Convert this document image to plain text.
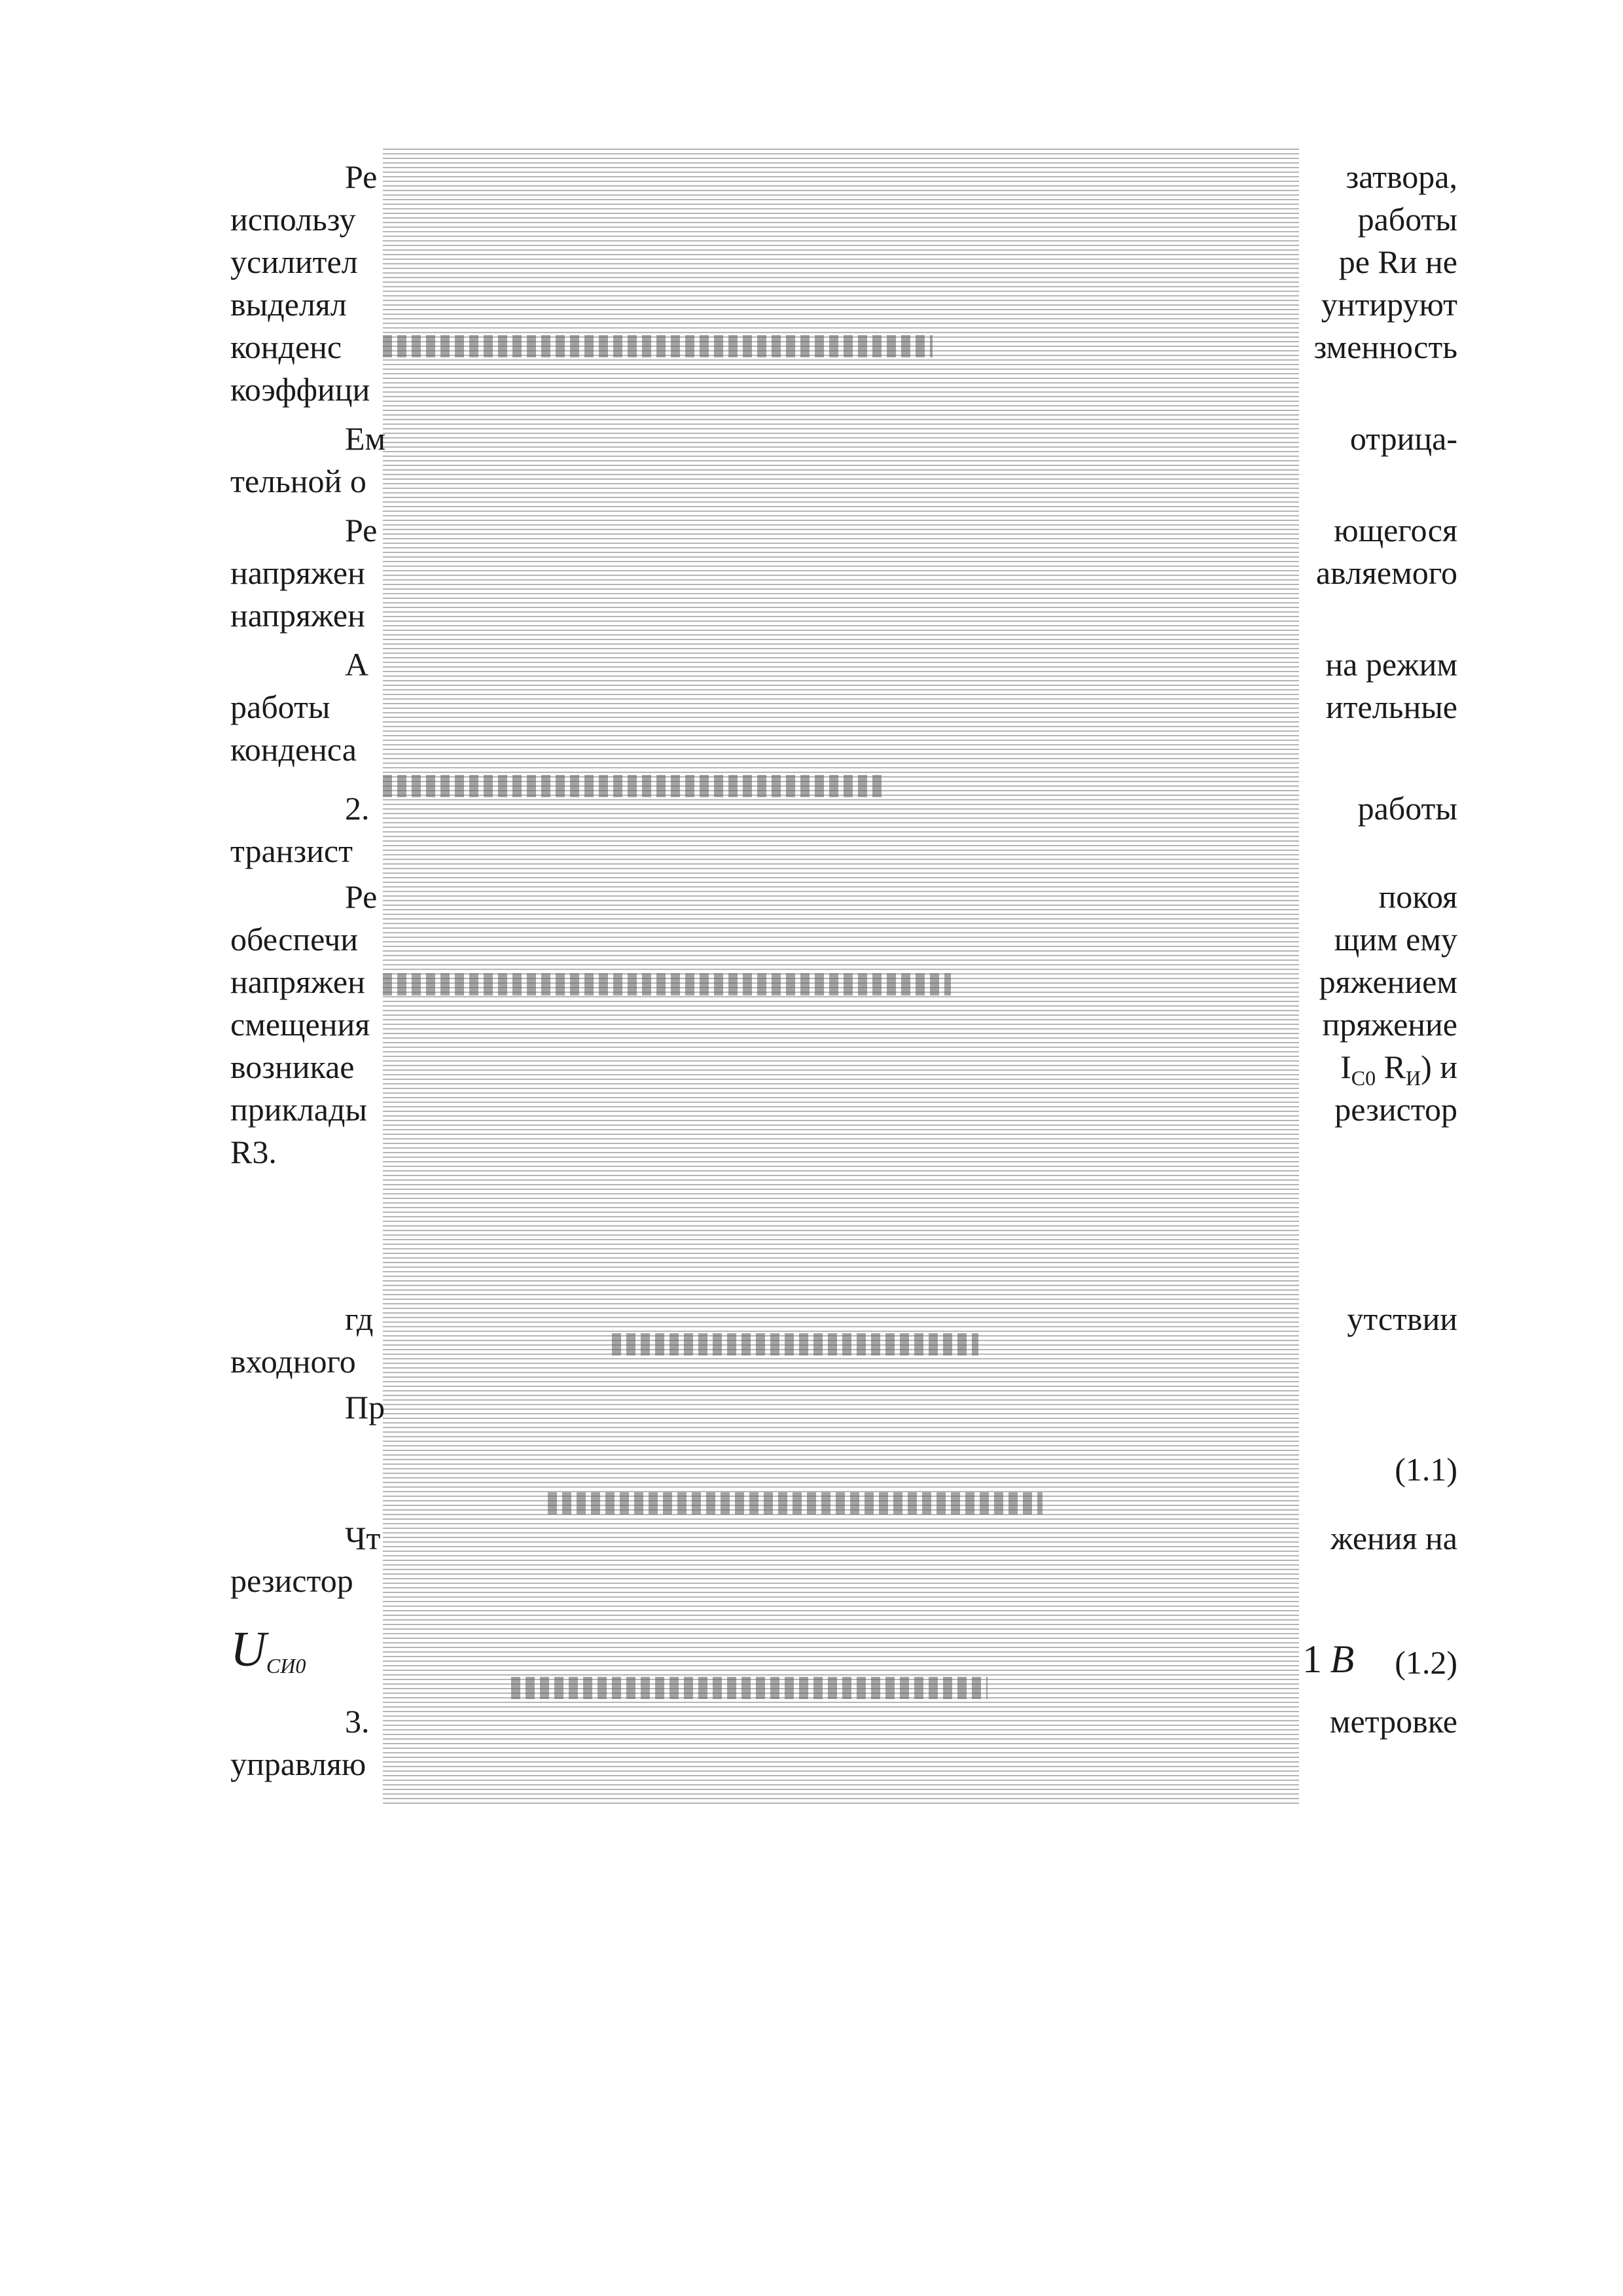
Ре	затвора,
использу	работы
усилител	ре Rи не
выделял	унтируют
конденс	зменность
коэффици
Ем	отрица-
тельной о
Ре	ющегося
напряжен	авляемого
напряжен
А	на режим
работы	ительные
конденса
2.	работы
транзист
Ре	покоя
обеспечи	щим ему
напряжен	ряжением
смещения	пряжение
возникае	$I_{C0}$ $R_И$) и
приклады	резистор
R3.
гд	утствии
входного
Пр
(1.1)
Чт	жения на
резистор
$U_{СИ0}$	1 B (1.2)
3.	метровке
управляю
